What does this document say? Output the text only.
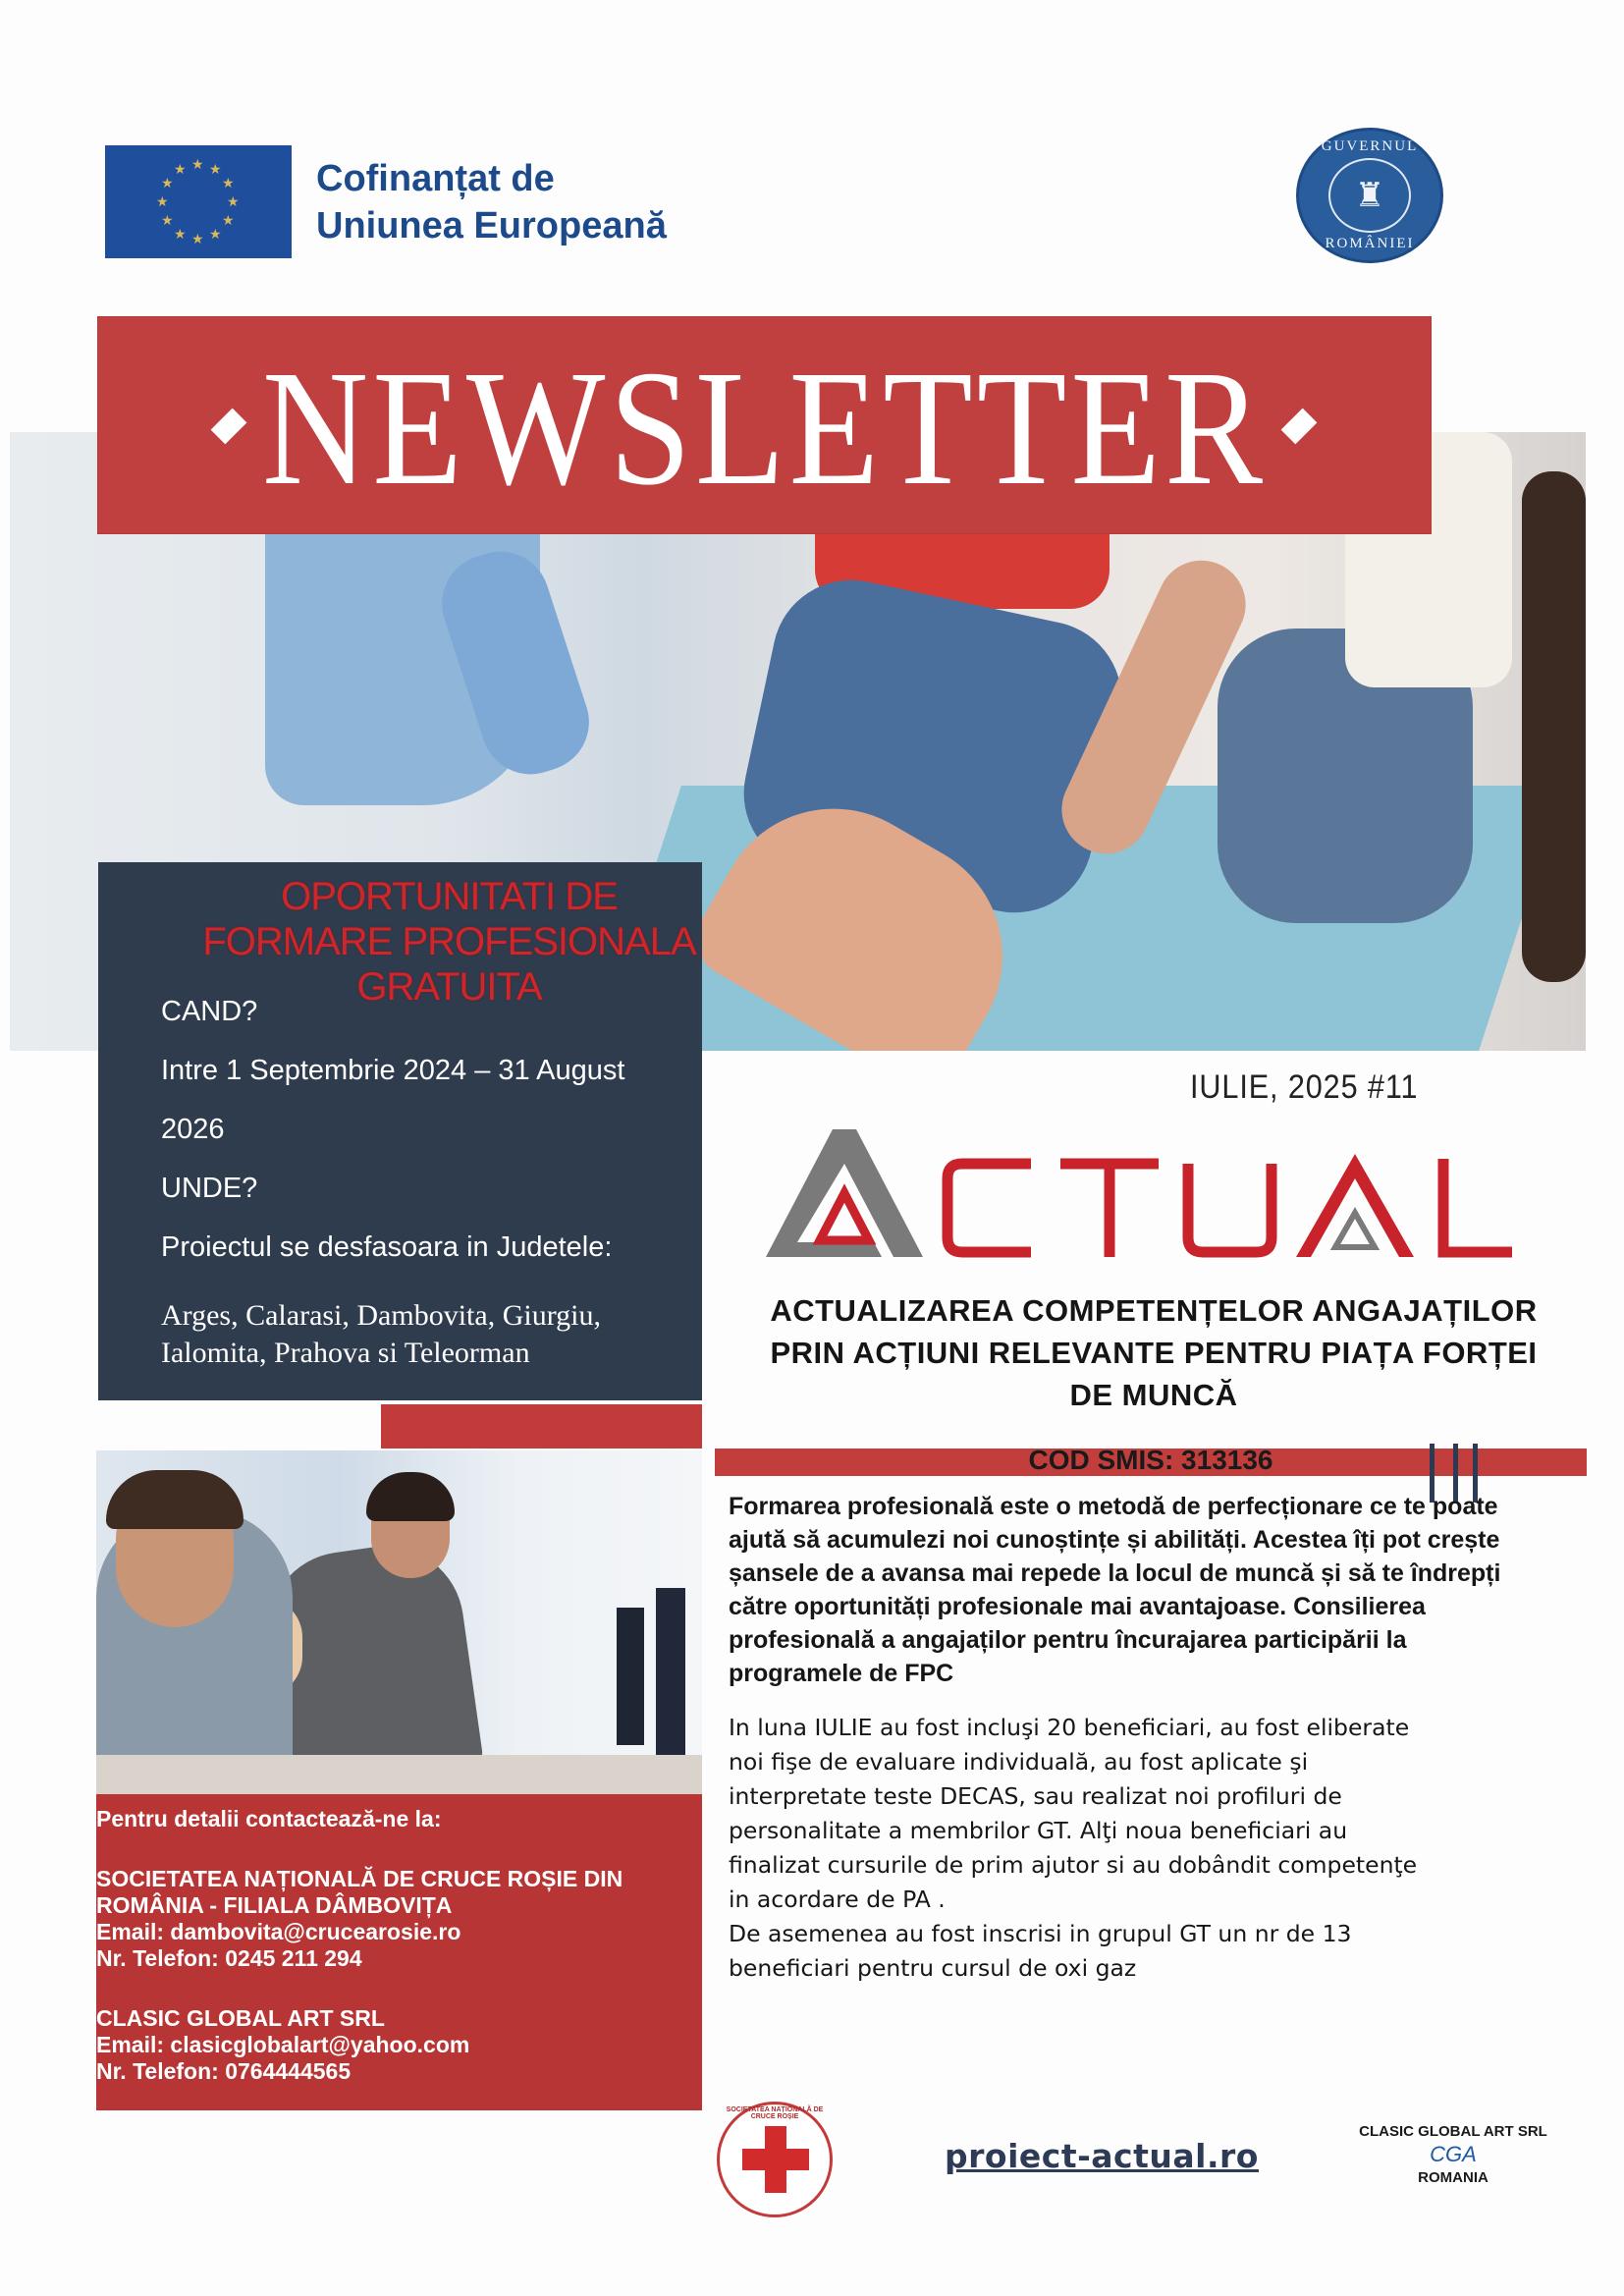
★ ★
★
★
★
★
★
★
★
★
★
★	Cofinanțat de
Uniunea Europeană
GUVERNUL
♜
ROMÂNIEI
NEWSLETTER
OPORTUNITATI DE
FORMARE PROFESIONALA
GRATUITA
CAND?
Intre 1 Septembrie 2024 – 31 August
2026
UNDE?
Proiectul se desfasoara in Judetele:
Arges, Calarasi, Dambovita, Giurgiu,
Ialomita, Prahova si Teleorman
Pentru detalii contactează-ne la:
SOCIETATEA NAȚIONALĂ DE CRUCE ROȘIE DIN
ROMÂNIA - FILIALA DÂMBOVIȚA
Email: dambovita@crucearosie.ro
Nr. Telefon: 0245 211 294
CLASIC GLOBAL ART SRL
Email: clasicglobalart@yahoo.com
Nr. Telefon: 0764444565
IULIE, 2025 #11
ACTUALIZAREA COMPETENȚELOR ANGAJAȚILOR
PRIN ACȚIUNI RELEVANTE PENTRU PIAȚA FORȚEI
DE MUNCĂ
COD SMIS: 313136
Formarea profesională este o metodă de perfecționare ce te poate ajută să acumulezi noi cunoștințe și abilități. Acestea îți pot crește șansele de a avansa mai repede la locul de muncă și să te îndrepți către oportunități profesionale mai avantajoase. Consilierea profesională a angajaților pentru încurajarea participării la programele de FPC
In luna IULIE au fost incluşi 20 beneficiari, au fost eliberate
noi fişe de evaluare individuală, au fost aplicate şi
interpretate teste DECAS, sau realizat noi profiluri de
personalitate a membrilor GT. Alţi noua beneficiari au
finalizat cursurile de prim ajutor si au dobândit competenţe
in acordare de PA .
De asemenea au fost inscrisi in grupul GT un nr de 13
beneficiari pentru cursul de oxi gaz
SOCIETATEA NAȚIONALĂ DE CRUCE ROȘIE
proiect-actual.ro
CLASIC GLOBAL ART SRL
CGA
ROMANIA
